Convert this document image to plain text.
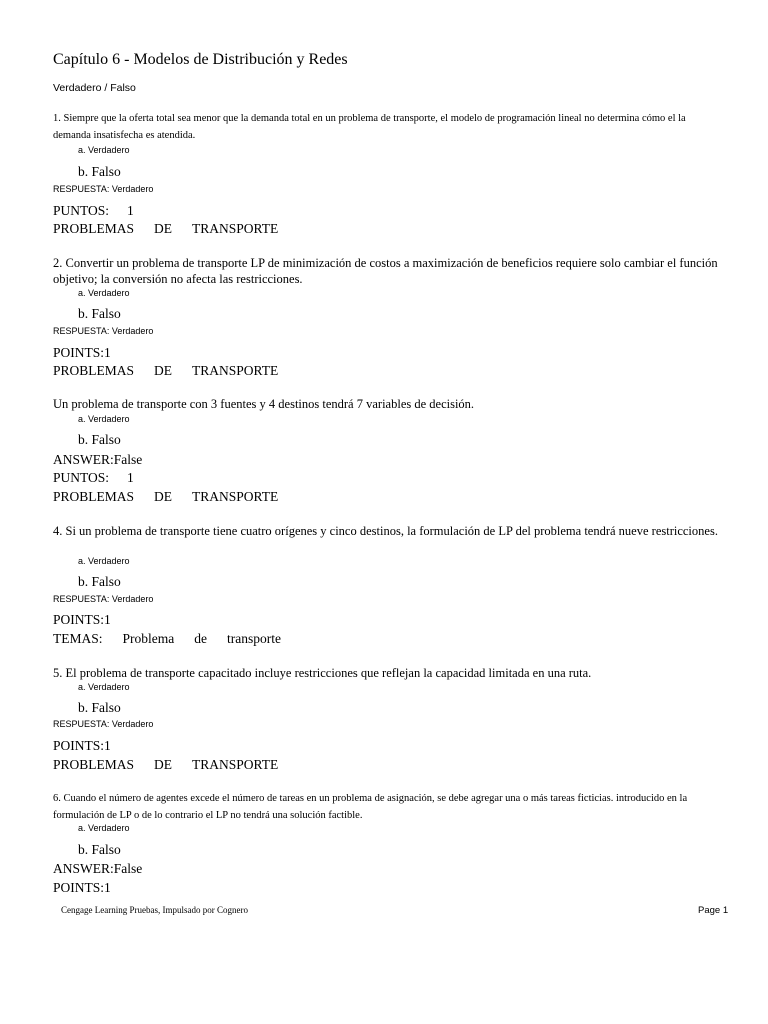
Capítulo 6 - Modelos de Distribución y Redes
Verdadero / Falso
1. Siempre que la oferta total sea menor que la demanda total en un problema de transporte, el modelo de programación lineal no determina cómo el la demanda insatisfecha es atendida.
a. Verdadero
b. Falso
RESPUESTA: Verdadero
PUNTOS: 1
PROBLEMAS DE TRANSPORTE
2. Convertir un problema de transporte LP de minimización de costos a maximización de beneficios requiere solo cambiar el función objetivo; la conversión no afecta las restricciones.
a. Verdadero
b. Falso
RESPUESTA: Verdadero
POINTS:1
PROBLEMAS DE TRANSPORTE
Un problema de transporte con 3 fuentes y 4 destinos tendrá 7 variables de decisión.
a. Verdadero
b. Falso
ANSWER:False
PUNTOS: 1
PROBLEMAS DE TRANSPORTE
4. Si un problema de transporte tiene cuatro orígenes y cinco destinos, la formulación de LP del problema tendrá nueve restricciones.
a. Verdadero
b. Falso
RESPUESTA: Verdadero
POINTS:1
TEMAS: Problema de transporte
5. El problema de transporte capacitado incluye restricciones que reflejan la capacidad limitada en una ruta.
a. Verdadero
b. Falso
RESPUESTA: Verdadero
POINTS:1
PROBLEMAS DE TRANSPORTE
6. Cuando el número de agentes excede el número de tareas en un problema de asignación, se debe agregar una o más tareas ficticias. introducido en la formulación de LP o de lo contrario el LP no tendrá una solución factible.
a. Verdadero
b. Falso
ANSWER:False
POINTS:1
Cengage Learning Pruebas, Impulsado por Cognero	Page 1
